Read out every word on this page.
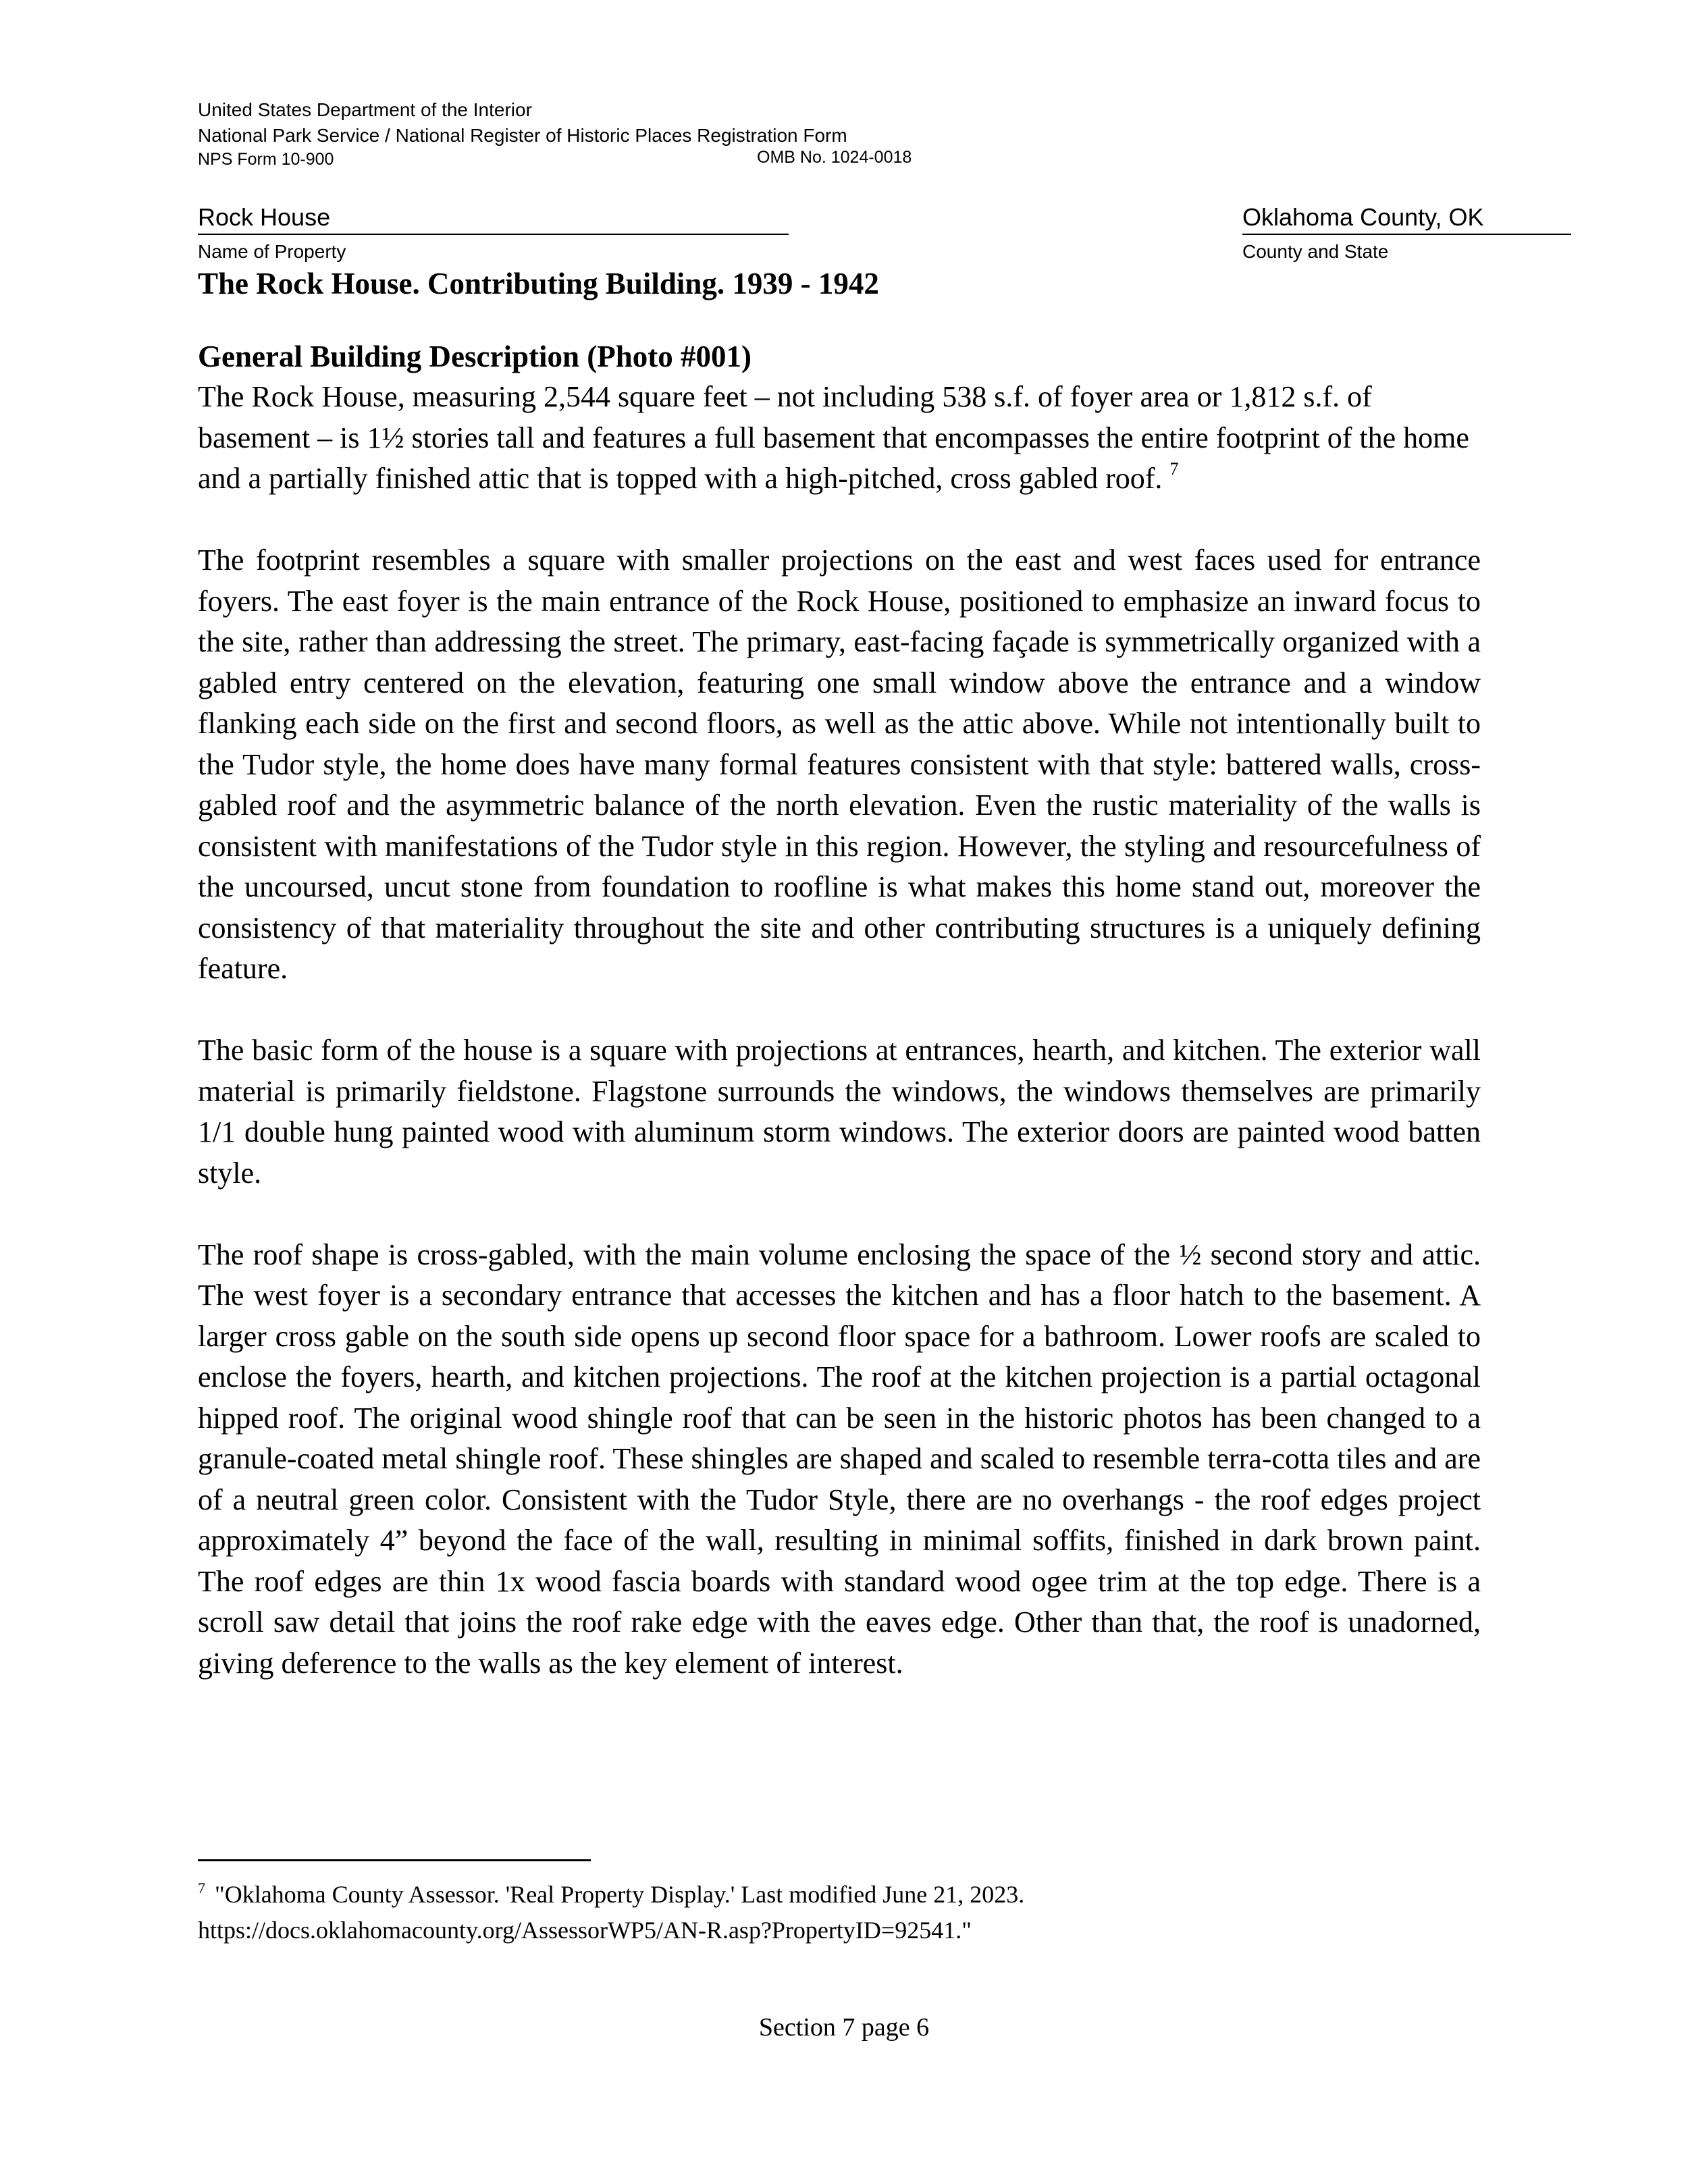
United States Department of the Interior
National Park Service / National Register of Historic Places Registration Form
NPS Form 10-900	OMB No. 1024-0018
Rock House	Oklahoma County, OK
Name of Property	County and State
The Rock House. Contributing Building. 1939 - 1942
General Building Description (Photo #001)

The Rock House, measuring 2,544 square feet – not including 538 s.f. of foyer area or 1,812 s.f. of basement – is 1½ stories tall and features a full basement that encompasses the entire footprint of the home and a partially finished attic that is topped with a high-pitched, cross gabled roof. $^7$

The footprint resembles a square with smaller projections on the east and west faces used for entrance foyers. The east foyer is the main entrance of the Rock House, positioned to emphasize an inward focus to the site, rather than addressing the street. The primary, east-facing façade is symmetrically organized with a gabled entry centered on the elevation, featuring one small window above the entrance and a window flanking each side on the first and second floors, as well as the attic above. While not intentionally built to the Tudor style, the home does have many formal features consistent with that style: battered walls, cross-gabled roof and the asymmetric balance of the north elevation. Even the rustic materiality of the walls is consistent with manifestations of the Tudor style in this region. However, the styling and resourcefulness of the uncoursed, uncut stone from foundation to roofline is what makes this home stand out, moreover the consistency of that materiality throughout the site and other contributing structures is a uniquely defining feature.

The basic form of the house is a square with projections at entrances, hearth, and kitchen. The exterior wall material is primarily fieldstone. Flagstone surrounds the windows, the windows themselves are primarily 1/1 double hung painted wood with aluminum storm windows. The exterior doors are painted wood batten style.

The roof shape is cross-gabled, with the main volume enclosing the space of the ½ second story and attic. The west foyer is a secondary entrance that accesses the kitchen and has a floor hatch to the basement. A larger cross gable on the south side opens up second floor space for a bathroom. Lower roofs are scaled to enclose the foyers, hearth, and kitchen projections. The roof at the kitchen projection is a partial octagonal hipped roof. The original wood shingle roof that can be seen in the historic photos has been changed to a granule-coated metal shingle roof. These shingles are shaped and scaled to resemble terra-cotta tiles and are of a neutral green color. Consistent with the Tudor Style, there are no overhangs - the roof edges project approximately 4” beyond the face of the wall, resulting in minimal soffits, finished in dark brown paint. The roof edges are thin 1x wood fascia boards with standard wood ogee trim at the top edge. There is a scroll saw detail that joins the roof rake edge with the eaves edge. Other than that, the roof is unadorned, giving deference to the walls as the key element of interest.

$^7$ "Oklahoma County Assessor. 'Real Property Display.' Last modified June 21, 2023. https://docs.oklahomacounty.org/AssessorWP5/AN-R.asp?PropertyID=92541."
Section 7 page 6
